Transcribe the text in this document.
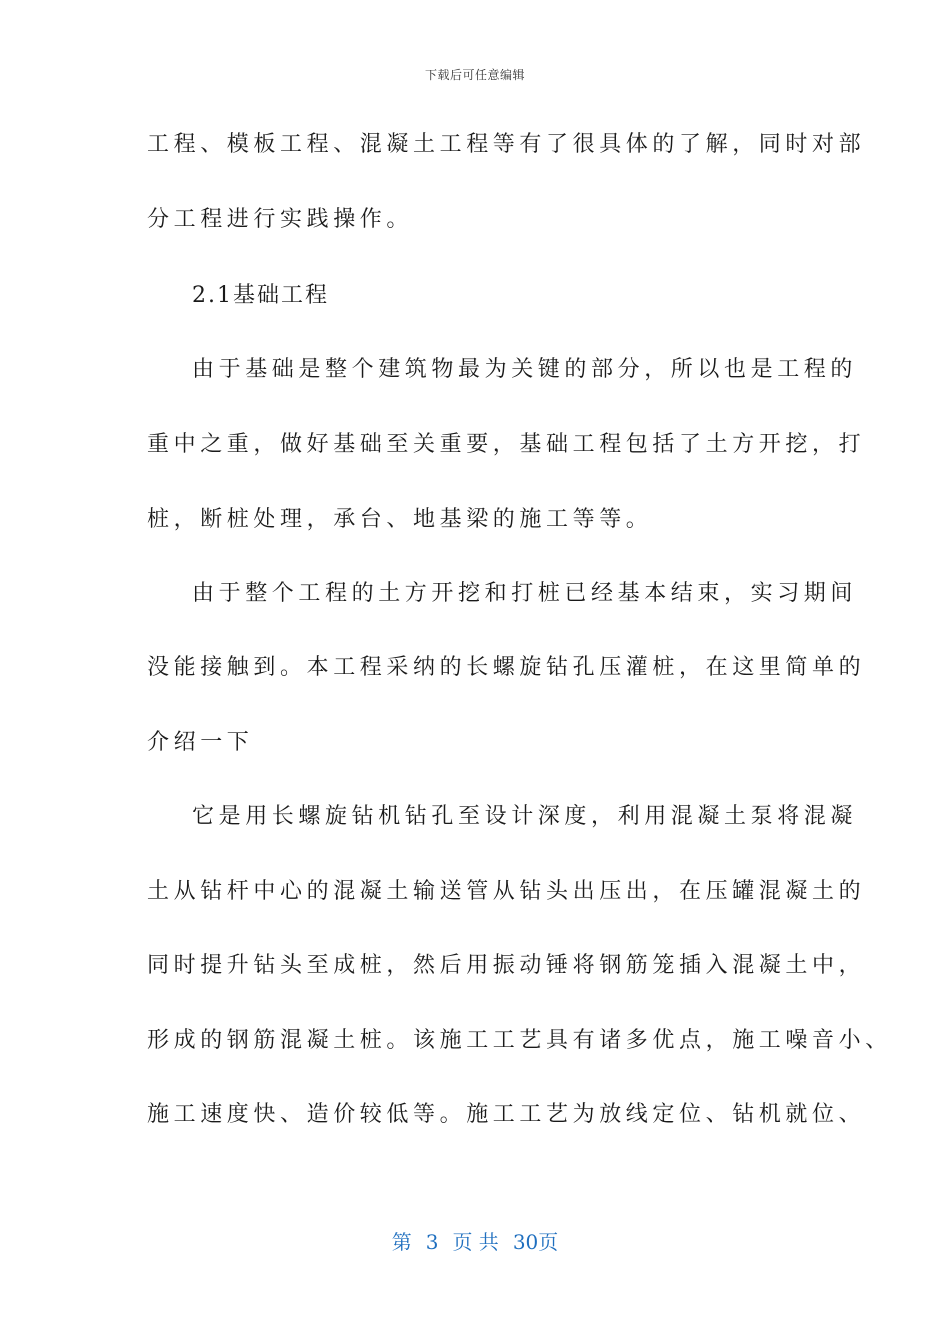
下载后可任意编辑
工程、模板工程、混凝土工程等有了很具体的了解，同时对部
分工程进行实践操作。
2.1基础工程
由于基础是整个建筑物最为关键的部分，所以也是工程的
重中之重，做好基础至关重要，基础工程包括了土方开挖，打
桩，断桩处理，承台、地基梁的施工等等。
由于整个工程的土方开挖和打桩已经基本结束，实习期间
没能接触到。本工程采纳的长螺旋钻孔压灌桩，在这里简单的
介绍一下
它是用长螺旋钻机钻孔至设计深度，利用混凝土泵将混凝
土从钻杆中心的混凝土输送管从钻头出压出，在压罐混凝土的
同时提升钻头至成桩，然后用振动锤将钢筋笼插入混凝土中，
形成的钢筋混凝土桩。该施工工艺具有诸多优点，施工噪音小、
施工速度快、造价较低等。施工工艺为放线定位、钻机就位、
第 3 页 共 30页
